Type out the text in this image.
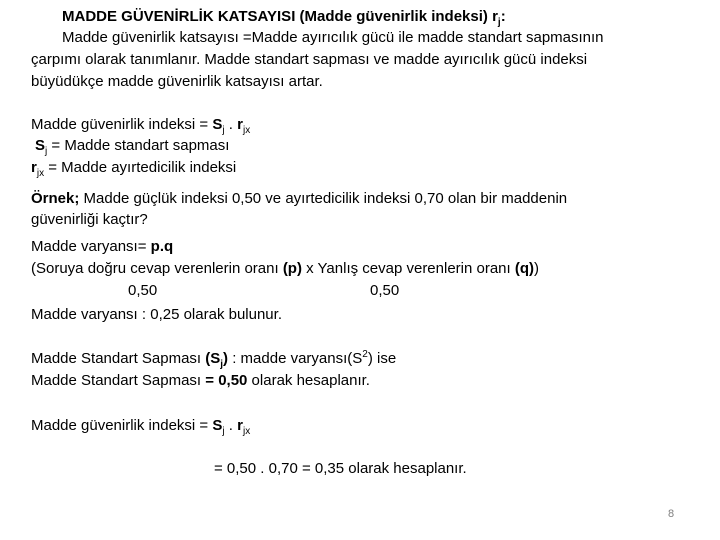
MADDE GÜVENİRLİK KATSAYISI (Madde güvenirlik indeksi) $r_j$:
Madde güvenirlik katsayısı =Madde ayırıcılık gücü ile madde standart sapmasının
çarpımı olarak tanımlanır. Madde standart sapması ve madde ayırıcılık gücü indeksi
büyüdükçe madde güvenirlik katsayısı artar.
Madde güvenirlik indeksi = $S_j$ . $r_{jx}$
$S_j$ = Madde standart sapması
$r_{jx}$ = Madde ayırtedicilik indeksi
Örnek; Madde güçlük indeksi 0,50 ve ayırtedicilik indeksi 0,70 olan bir maddenin
güvenirliği kaçtır?
Madde varyansı= p.q
(Soruya doğru cevap verenlerin oranı (p) x Yanlış cevap verenlerin oranı (q))
0,50	0,50
Madde varyansı : 0,25 olarak bulunur.
Madde Standart Sapması $(S_j)$ : madde $varyansı(S^2)$ ise
Madde Standart Sapması = 0,50 olarak hesaplanır.
Madde güvenirlik indeksi = $S_j$ . $r_{jx}$
= 0,50 . 0,70 = 0,35 olarak hesaplanır.
8
